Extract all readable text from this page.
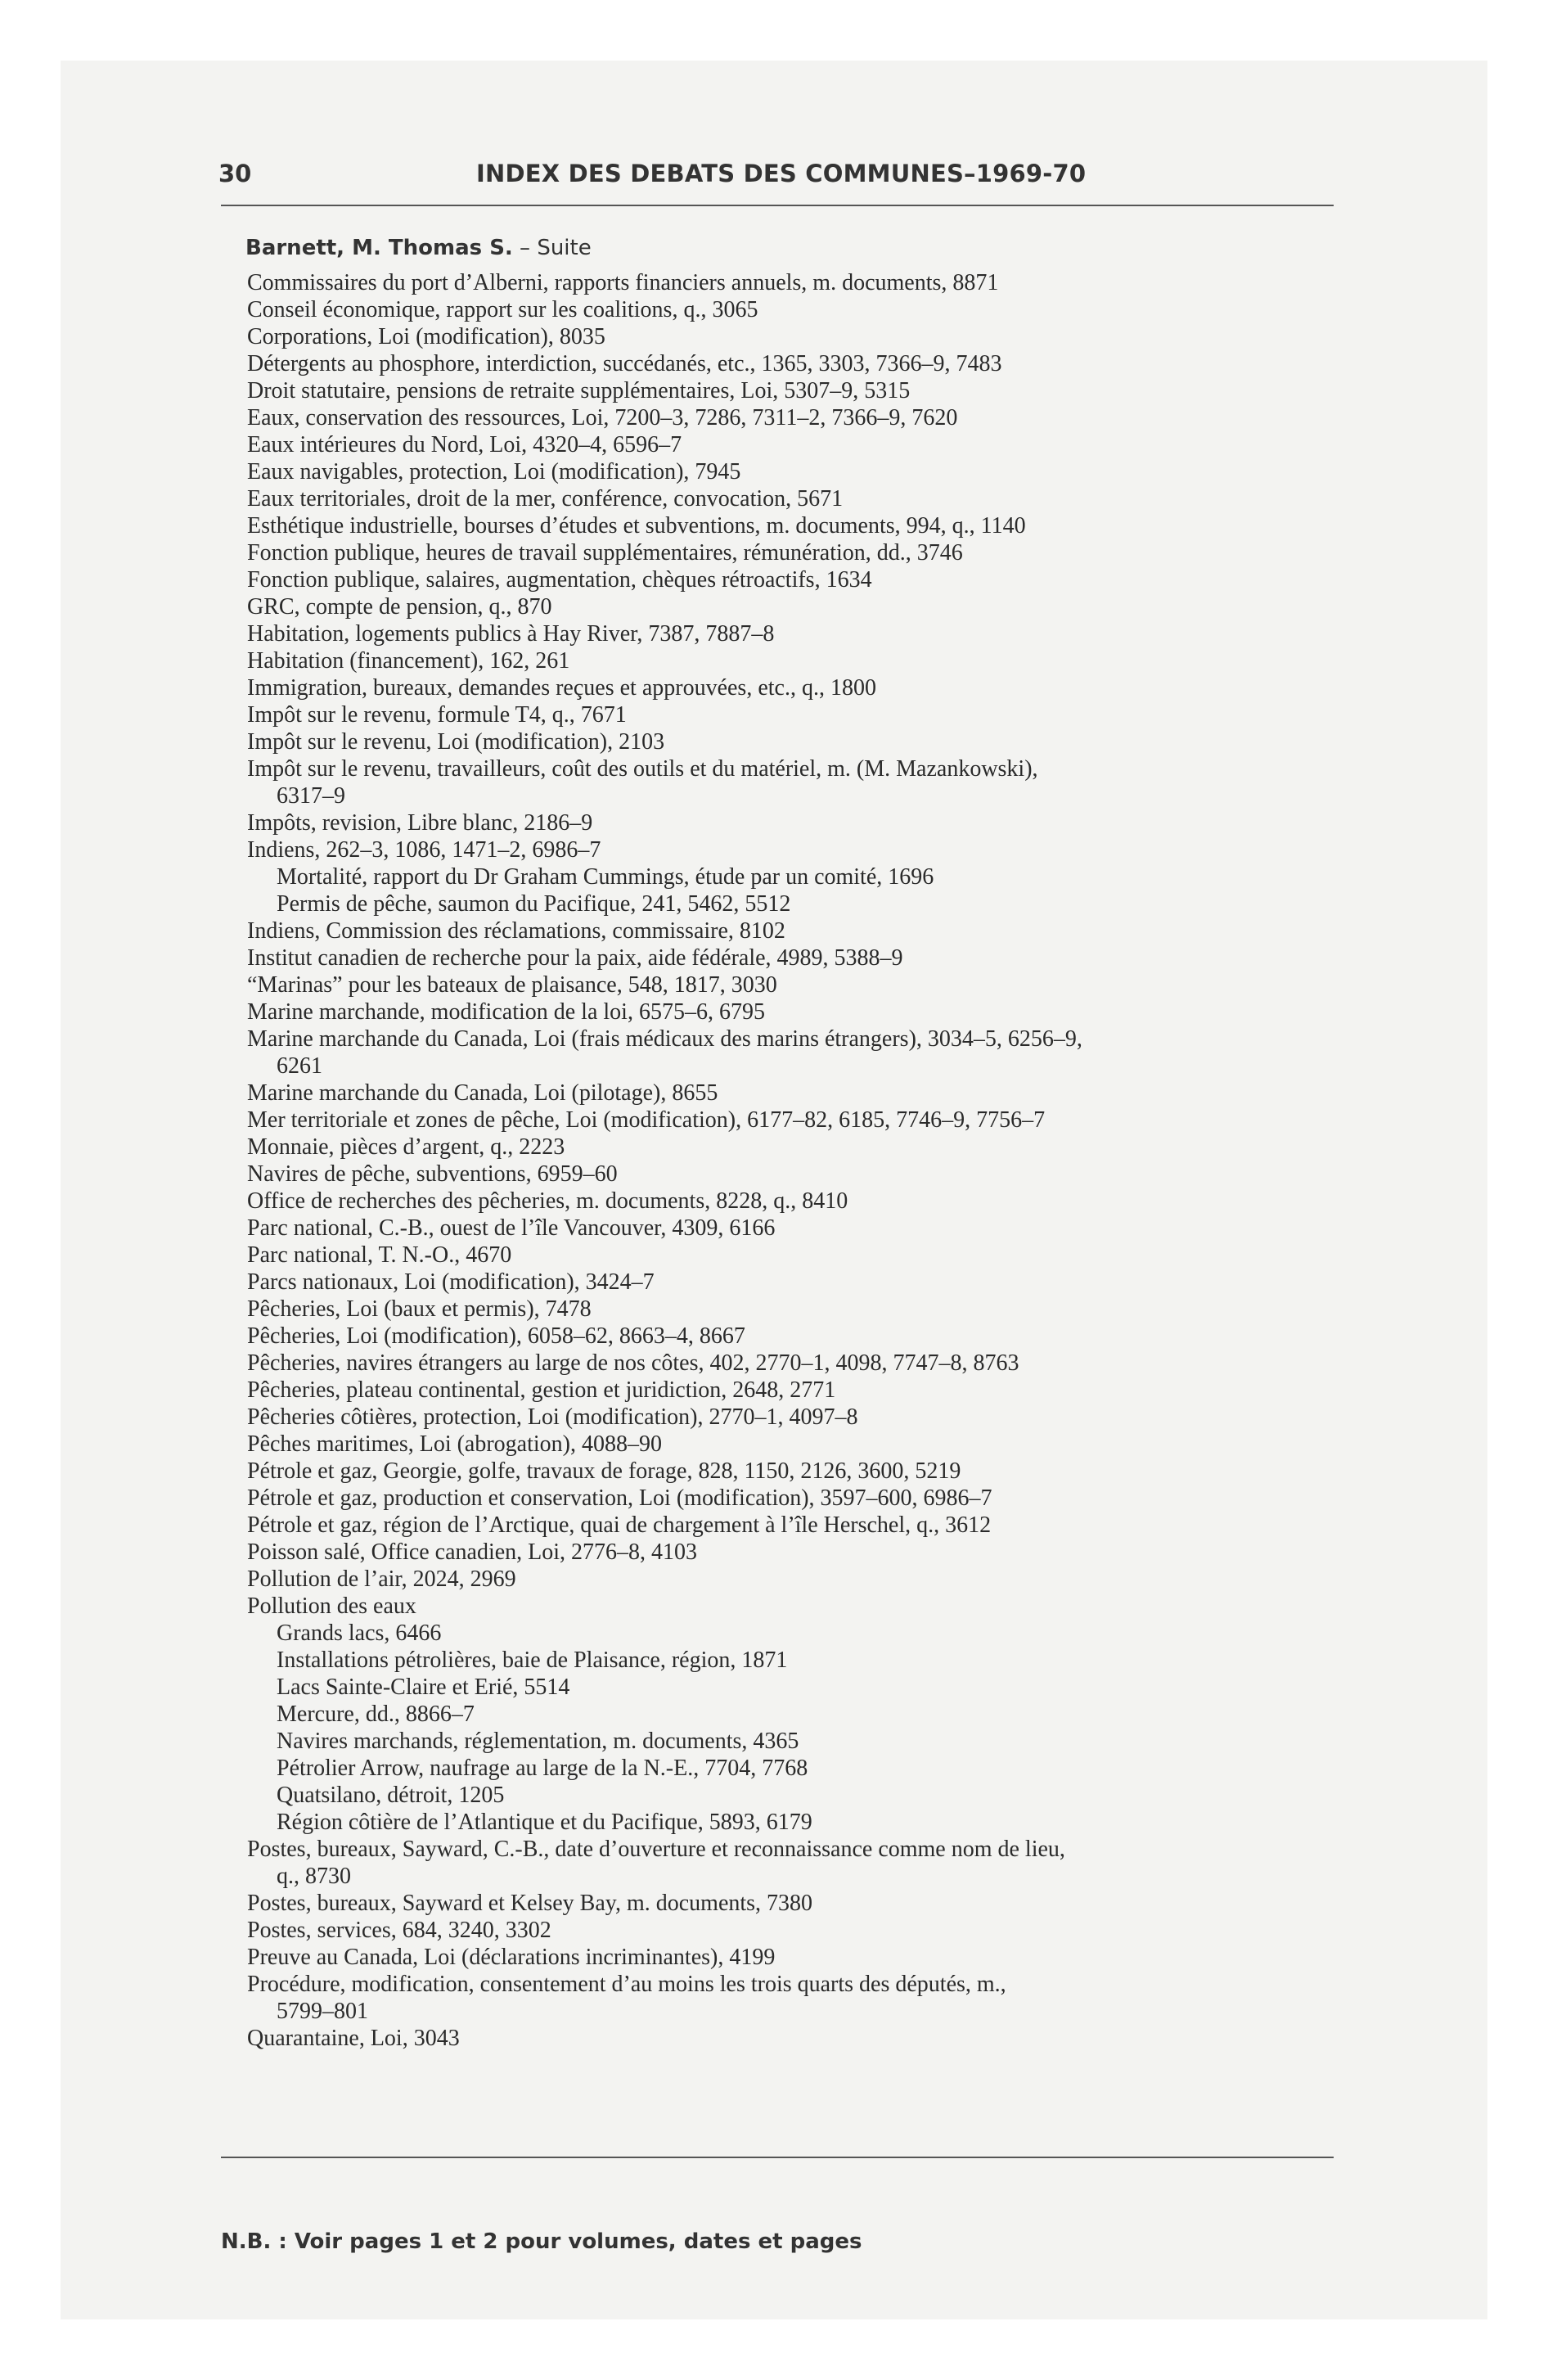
30	INDEX DES DEBATS DES COMMUNES–1969-70
Barnett, M. Thomas S. – Suite
Commissaires du port d’Alberni, rapports financiers annuels, m. documents, 8871
Conseil économique, rapport sur les coalitions, q., 3065
Corporations, Loi (modification), 8035
Détergents au phosphore, interdiction, succédanés, etc., 1365, 3303, 7366–9, 7483
Droit statutaire, pensions de retraite supplémentaires, Loi, 5307–9, 5315
Eaux, conservation des ressources, Loi, 7200–3, 7286, 7311–2, 7366–9, 7620
Eaux intérieures du Nord, Loi, 4320–4, 6596–7
Eaux navigables, protection, Loi (modification), 7945
Eaux territoriales, droit de la mer, conférence, convocation, 5671
Esthétique industrielle, bourses d’études et subventions, m. documents, 994, q., 1140
Fonction publique, heures de travail supplémentaires, rémunération, dd., 3746
Fonction publique, salaires, augmentation, chèques rétroactifs, 1634
GRC, compte de pension, q., 870
Habitation, logements publics à Hay River, 7387, 7887–8
Habitation (financement), 162, 261
Immigration, bureaux, demandes reçues et approuvées, etc., q., 1800
Impôt sur le revenu, formule T4, q., 7671
Impôt sur le revenu, Loi (modification), 2103
Impôt sur le revenu, travailleurs, coût des outils et du matériel, m. (M. Mazankowski),
6317–9
Impôts, revision, Libre blanc, 2186–9
Indiens, 262–3, 1086, 1471–2, 6986–7
Mortalité, rapport du Dr Graham Cummings, étude par un comité, 1696
Permis de pêche, saumon du Pacifique, 241, 5462, 5512
Indiens, Commission des réclamations, commissaire, 8102
Institut canadien de recherche pour la paix, aide fédérale, 4989, 5388–9
“Marinas” pour les bateaux de plaisance, 548, 1817, 3030
Marine marchande, modification de la loi, 6575–6, 6795
Marine marchande du Canada, Loi (frais médicaux des marins étrangers), 3034–5, 6256–9,
6261
Marine marchande du Canada, Loi (pilotage), 8655
Mer territoriale et zones de pêche, Loi (modification), 6177–82, 6185, 7746–9, 7756–7
Monnaie, pièces d’argent, q., 2223
Navires de pêche, subventions, 6959–60
Office de recherches des pêcheries, m. documents, 8228, q., 8410
Parc national, C.-B., ouest de l’île Vancouver, 4309, 6166
Parc national, T. N.-O., 4670
Parcs nationaux, Loi (modification), 3424–7
Pêcheries, Loi (baux et permis), 7478
Pêcheries, Loi (modification), 6058–62, 8663–4, 8667
Pêcheries, navires étrangers au large de nos côtes, 402, 2770–1, 4098, 7747–8, 8763
Pêcheries, plateau continental, gestion et juridiction, 2648, 2771
Pêcheries côtières, protection, Loi (modification), 2770–1, 4097–8
Pêches maritimes, Loi (abrogation), 4088–90
Pétrole et gaz, Georgie, golfe, travaux de forage, 828, 1150, 2126, 3600, 5219
Pétrole et gaz, production et conservation, Loi (modification), 3597–600, 6986–7
Pétrole et gaz, région de l’Arctique, quai de chargement à l’île Herschel, q., 3612
Poisson salé, Office canadien, Loi, 2776–8, 4103
Pollution de l’air, 2024, 2969
Pollution des eaux
Grands lacs, 6466
Installations pétrolières, baie de Plaisance, région, 1871
Lacs Sainte-Claire et Erié, 5514
Mercure, dd., 8866–7
Navires marchands, réglementation, m. documents, 4365
Pétrolier Arrow, naufrage au large de la N.-E., 7704, 7768
Quatsilano, détroit, 1205
Région côtière de l’Atlantique et du Pacifique, 5893, 6179
Postes, bureaux, Sayward, C.-B., date d’ouverture et reconnaissance comme nom de lieu,
q., 8730
Postes, bureaux, Sayward et Kelsey Bay, m. documents, 7380
Postes, services, 684, 3240, 3302
Preuve au Canada, Loi (déclarations incriminantes), 4199
Procédure, modification, consentement d’au moins les trois quarts des députés, m.,
5799–801
Quarantaine, Loi, 3043
N.B. : Voir pages 1 et 2 pour volumes, dates et pages
